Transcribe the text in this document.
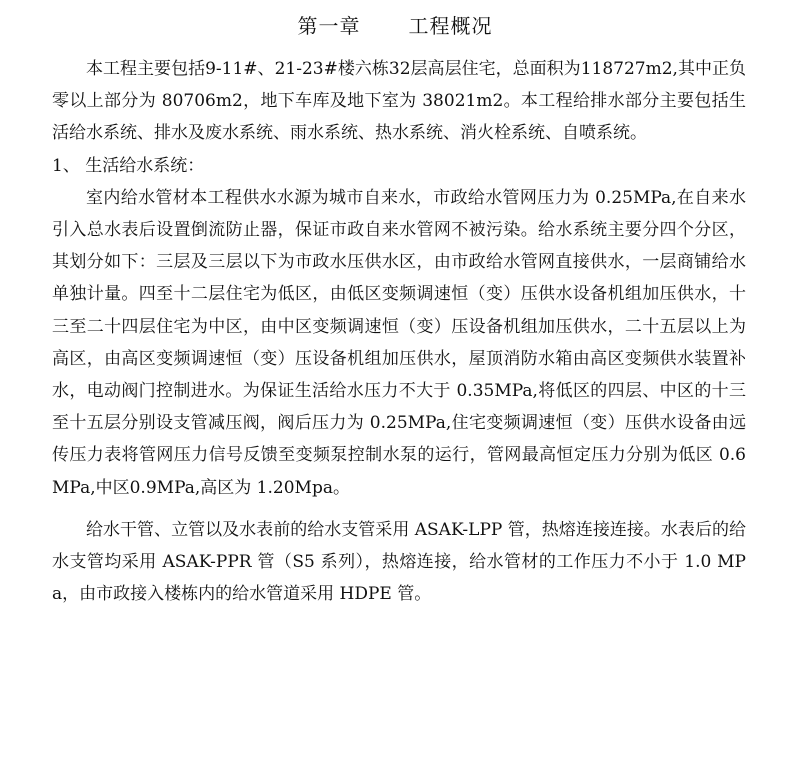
第一章 工程概况

本工程主要包括9-11#、21-23#楼六栋32层高层住宅，总面积为118727m2,其中正负零以上部分为 80706m2，地下车库及地下室为 38021m2。本工程给排水部分主要包括生活给水系统、排水及废水系统、雨水系统、热水系统、消火栓系统、自喷系统。

1、 生活给水系统：

室内给水管材本工程供水水源为城市自来水，市政给水管网压力为 0.25MPa,在自来水引入总水表后设置倒流防止器，保证市政自来水管网不被污染。给水系统主要分四个分区，其划分如下：三层及三层以下为市政水压供水区，由市政给水管网直接供水，一层商铺给水单独计量。四至十二层住宅为低区，由低区变频调速恒（变）压供水设备机组加压供水，十三至二十四层住宅为中区，由中区变频调速恒（变）压设备机组加压供水，二十五层以上为高区，由高区变频调速恒（变）压设备机组加压供水，屋顶消防水箱由高区变频供水装置补水，电动阀门控制进水。为保证生活给水压力不大于 0.35MPa,将低区的四层、中区的十三至十五层分别设支管减压阀，阀后压力为 0.25MPa,住宅变频调速恒（变）压供水设备由远传压力表将管网压力信号反馈至变频泵控制水泵的运行，管网最高恒定压力分别为低区 0.6MPa,中区0.9MPa,高区为 1.20Mpa。

给水干管、立管以及水表前的给水支管采用 ASAK-LPP 管，热熔连接连接。水表后的给水支管均采用 ASAK-PPR 管（S5 系列），热熔连接，给水管材的工作压力不小于 1.0 MPa，由市政接入楼栋内的给水管道采用 HDPE 管。
